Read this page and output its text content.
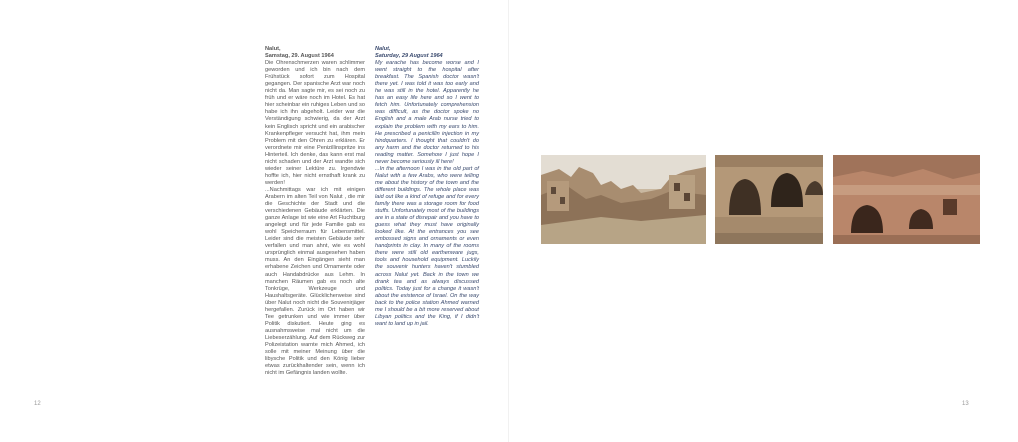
Nalut,
Samstag, 29. August 1964

Die Ohrenschmerzen waren schlimmer geworden und ich bin nach dem Frühstück sofort zum Hospital gegangen. Der spanische Arzt war noch nicht da. Man sagte mir, es sei noch zu früh und er wäre noch im Hotel. Es hat hier scheinbar ein ruhiges Leben und so habe ich ihn abgeholt. Leider war die Verständigung schwierig, da der Arzt kein Englisch spricht und ein arabischer Krankenpfleger versucht hat, ihm mein Problem mit den Ohren zu erklären. Er verordnete mir eine Penizillinspritze ins Hinterteil. Ich denke, das kann erst mal nicht schaden und der Arzt wandte sich wieder seiner Lektüre zu. Irgendwie hoffte ich, hier nicht ernsthaft krank zu werden!

...Nachmittags war ich mit einigen Arabern im alten Teil von Nalut , die mir die Geschichte der Stadt und die verschiedenen Gebäude erklärten. Die ganze Anlage ist wie eine Art Fluchtburg angelegt und für jede Familie gab es wohl Speicherraum für Lebensmittel. Leider sind die meisten Gebäude sehr verfallen und man ahnt, wie es wohl ursprünglich einmal ausgesehen haben muss. An den Eingängen sieht man erhabene Zeichen und Ornamente oder auch Handabdrücke aus Lehm. In manchen Räumen gab es noch alte Tonkrüge, Werkzeuge und Haushaltsgeräte. Glücklicherweise sind über Nalut noch nicht die Souvenirjäger hergefallen. Zurück im Ort haben wir Tee getrunken und wie immer über Politik diskutiert. Heute ging es ausnahmsweise mal nicht um die Liebeserzählung. Auf dem Rückweg zur Polizeistation warnte mich Ahmed, ich solle mit meiner Meinung über die libysche Politik und den König lieber etwas zurückhaltender sein, wenn ich nicht im Gefängnis landen wollte.

Nalut,
Saturday, 29 August 1964

My earache has become worse and I went straight to the hospital after breakfast. The Spanish doctor wasn't there yet. I was told it was too early and he was still in the hotel. Apparently he has an easy life here and so I went to fetch him. Unfortunately comprehension was difficult, as the doctor spoke no English and a male Arab nurse tried to explain the problem with my ears to him. He prescribed a penicillin injection in my hindquarters. I thought that couldn't do any harm and the doctor returned to his reading matter. Somehow I just hope I never become seriously ill here!

...In the afternoon I was in the old part of Nalut with a few Arabs, who were telling me about the history of the town and the different buildings. The whole place was laid out like a kind of refuge and for every family there was a storage room for food stuffs. Unfortunately most of the buildings are in a state of disrepair and you have to guess what they must have originally looked like. At the entrances you see embossed signs and ornaments or even handprints in clay. In many of the rooms there were still old earthenware jugs, tools and household equipment. Luckily the souvenir hunters haven't stumbled across Nalut yet. Back in the town we drank tea and as always discussed politics. Today just for a change it wasn't about the existence of Israel. On the way back to the police station Ahmed warned me I should be a bit more reserved about Libyan politics and the King, if I didn't want to land up in jail.

12	13
